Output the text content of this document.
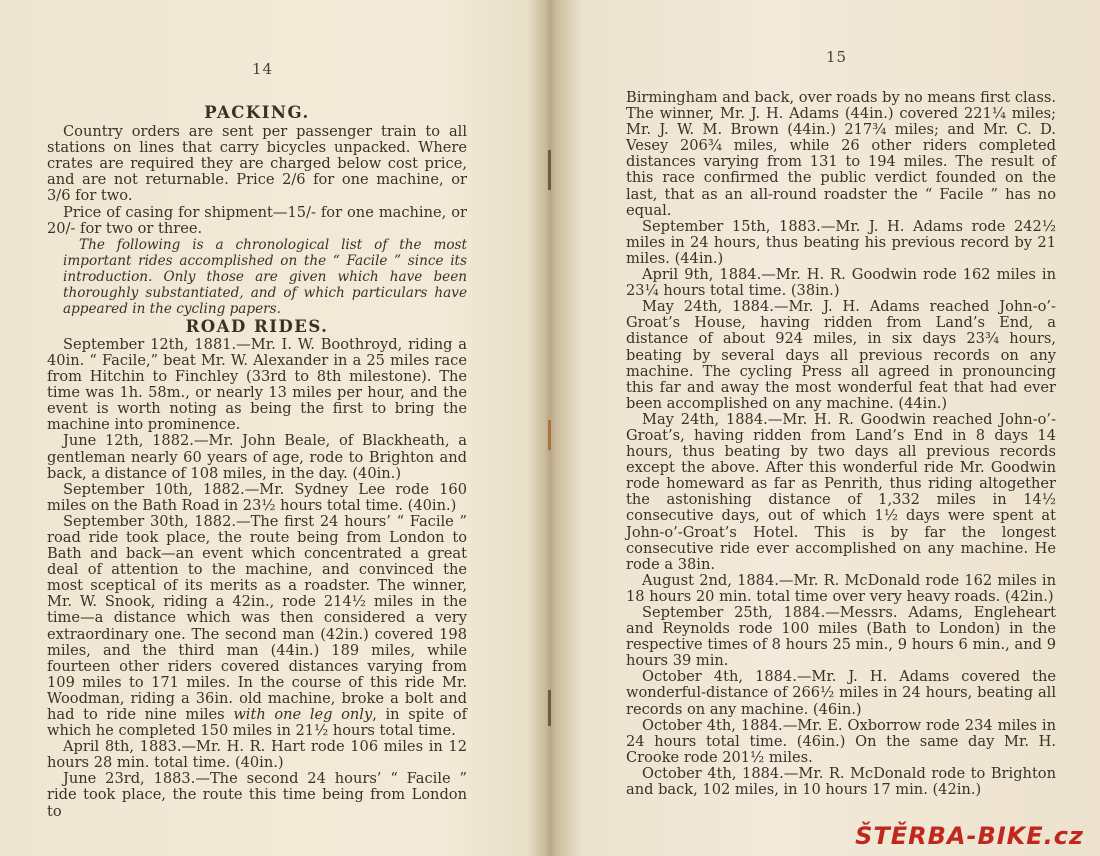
14
PACKING.

Country orders are sent per passenger train to all stations on lines that carry bicycles unpacked. Where crates are required they are charged below cost price, and are not returnable. Price 2/6 for one machine, or 3/6 for two.

Price of casing for shipment—15/- for one machine, or 20/- for two or three.

The following is a chronological list of the most important rides accomplished on the “ Facile ” since its introduction. Only those are given which have been thoroughly substantiated, and of which particulars have appeared in the cycling papers.

ROAD RIDES.

September 12th, 1881.—Mr. I. W. Boothroyd, riding a 40in. “ Facile,” beat Mr. W. Alexander in a 25 miles race from Hitchin to Finchley (33rd to 8th milestone). The time was 1h. 58m., or nearly 13 miles per hour, and the event is worth noting as being the first to bring the machine into prominence.

June 12th, 1882.—Mr. John Beale, of Blackheath, a gentleman nearly 60 years of age, rode to Brighton and back, a distance of 108 miles, in the day. (40in.)

September 10th, 1882.—Mr. Sydney Lee rode 160 miles on the Bath Road in 23½ hours total time. (40in.)

September 30th, 1882.—The first 24 hours’ “ Facile ” road ride took place, the route being from London to Bath and back—an event which concentrated a great deal of attention to the machine, and convinced the most sceptical of its merits as a roadster. The winner, Mr. W. Snook, riding a 42in., rode 214½ miles in the time—a distance which was then considered a very extraordinary one. The second man (42in.) covered 198 miles, and the third man (44in.) 189 miles, while fourteen other riders covered distances varying from 109 miles to 171 miles. In the course of this ride Mr. Woodman, riding a 36in. old machine, broke a bolt and had to ride nine miles with one leg only, in spite of which he completed 150 miles in 21½ hours total time.

April 8th, 1883.—Mr. H. R. Hart rode 106 miles in 12 hours 28 min. total time. (40in.)

June 23rd, 1883.—The second 24 hours’ “ Facile ” ride took place, the route this time being from London to

15

Birmingham and back, over roads by no means first class. The winner, Mr. J. H. Adams (44in.) covered 221¼ miles; Mr. J. W. M. Brown (44in.) 217¾ miles; and Mr. C. D. Vesey 206¾ miles, while 26 other riders completed distances varying from 131 to 194 miles. The result of this race confirmed the public verdict founded on the last, that as an all-round roadster the “ Facile ” has no equal.

September 15th, 1883.—Mr. J. H. Adams rode 242½ miles in 24 hours, thus beating his previous record by 21 miles. (44in.)

April 9th, 1884.—Mr. H. R. Goodwin rode 162 miles in 23¼ hours total time. (38in.)

May 24th, 1884.—Mr. J. H. Adams reached John-o’-Groat’s House, having ridden from Land’s End, a distance of about 924 miles, in six days 23¾ hours, beating by several days all previous records on any machine. The cycling Press all agreed in pronouncing this far and away the most wonderful feat that had ever been accomplished on any machine. (44in.)

May 24th, 1884.—Mr. H. R. Goodwin reached John-o’-Groat’s, having ridden from Land’s End in 8 days 14 hours, thus beating by two days all previous records except the above. After this wonderful ride Mr. Goodwin rode homeward as far as Penrith, thus riding altogether the astonishing distance of 1,332 miles in 14½ consecutive days, out of which 1½ days were spent at John-o’-Groat’s Hotel. This is by far the longest consecutive ride ever accomplished on any machine. He rode a 38in.

August 2nd, 1884.—Mr. R. McDonald rode 162 miles in 18 hours 20 min. total time over very heavy roads. (42in.)

September 25th, 1884.—Messrs. Adams, Engleheart and Reynolds rode 100 miles (Bath to London) in the respective times of 8 hours 25 min., 9 hours 6 min., and 9 hours 39 min.

October 4th, 1884.—Mr. J. H. Adams covered the wonderful-distance of 266½ miles in 24 hours, beating all records on any machine. (46in.)

October 4th, 1884.—Mr. E. Oxborrow rode 234 miles in 24 hours total time. (46in.) On the same day Mr. H. Crooke rode 201½ miles.

October 4th, 1884.—Mr. R. McDonald rode to Brighton and back, 102 miles, in 10 hours 17 min. (42in.)

ŠTĚRBA-BIKE.cz
